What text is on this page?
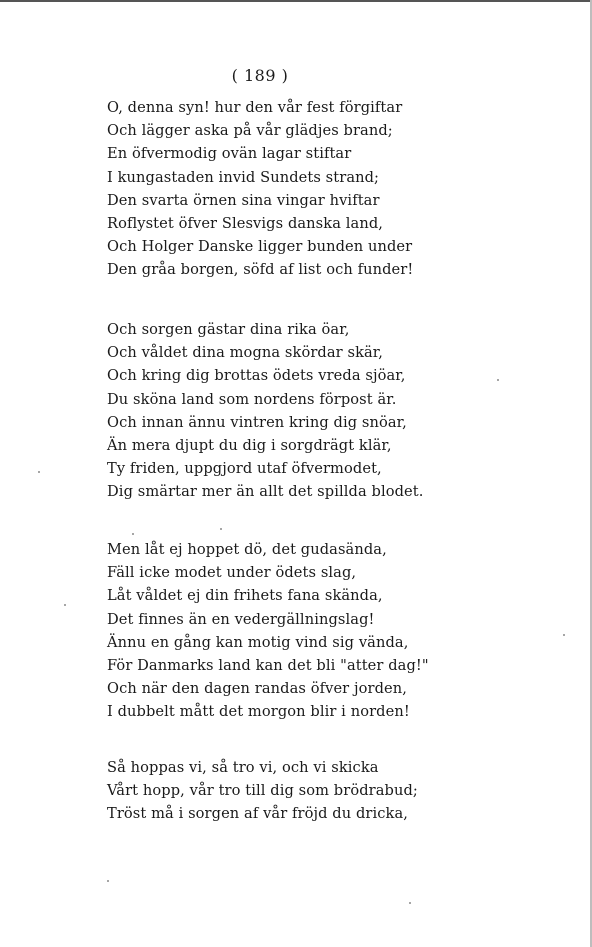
( 189 )
O, denna syn! hur den vår fest förgiftar
Och lägger aska på vår glädjes brand;
En öfvermodig ovän lagar stiftar
I kungastaden invid Sundets strand;
Den svarta örnen sina vingar hviftar
Roflystet öfver Slesvigs danska land,
Och Holger Danske ligger bunden under
Den gråa borgen, söfd af list och funder!
Och sorgen gästar dina rika öar,
Och våldet dina mogna skördar skär,
Och kring dig brottas ödets vreda sjöar,
Du sköna land som nordens förpost är.
Och innan ännu vintren kring dig snöar,
Än mera djupt du dig i sorgdrägt klär,
Ty friden, uppgjord utaf öfvermodet,
Dig smärtar mer än allt det spillda blodet.
Men låt ej hoppet dö, det gudasända,
Fäll icke modet under ödets slag,
Låt våldet ej din frihets fana skända,
Det finnes än en vedergällningslag!
Ännu en gång kan motig vind sig vända,
För Danmarks land kan det bli "atter dag!"
Och när den dagen randas öfver jorden,
I dubbelt mått det morgon blir i norden!
Så hoppas vi, så tro vi, och vi skicka
Vårt hopp, vår tro till dig som brödrabud;
Tröst må i sorgen af vår fröjd du dricka,
